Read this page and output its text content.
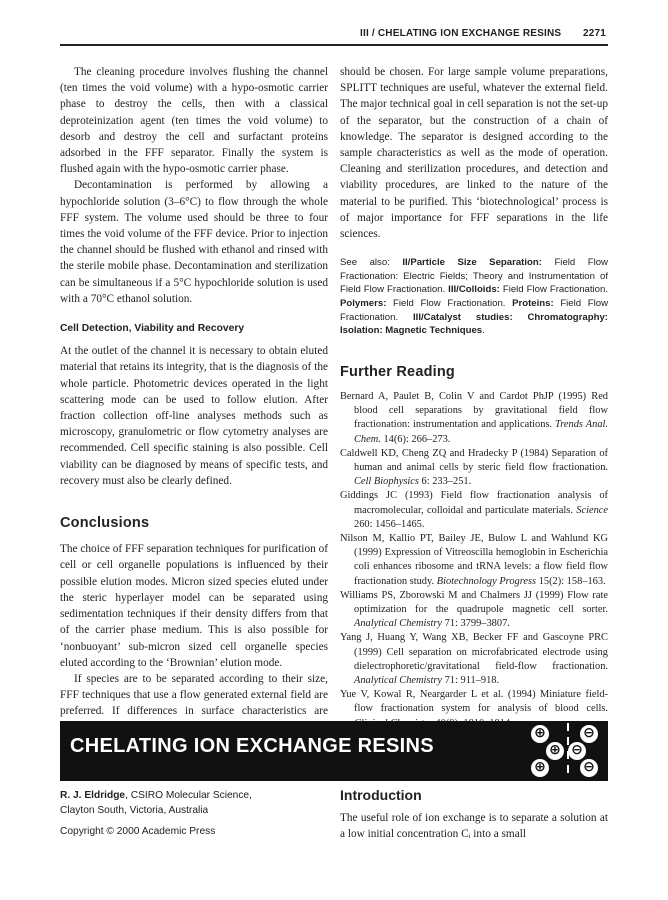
III / CHELATING ION EXCHANGE RESINS 2271

The cleaning procedure involves flushing the channel (ten times the void volume) with a hypo-osmotic carrier phase to destroy the cells, then with a classical deproteinization agent (ten times the void volume) to desorb and destroy the cell and surfactant proteins adsorbed in the FFF separator. Finally the system is flushed again with the hypo-osmotic carrier phase.

Decontamination is performed by allowing a hypochloride solution (3–6°C) to flow through the whole FFF system. The volume used should be three to four times the void volume of the FFF device. Prior to injection the channel should be flushed with ethanol and rinsed with the sterile mobile phase. Decontamination and sterilization can be simultaneous if a 5°C hypochloride solution is used with a 70°C ethanol solution.

Cell Detection, Viability and Recovery

At the outlet of the channel it is necessary to obtain eluted material that retains its integrity, that is the diagnosis of the whole particle. Photometric devices operated in the light scattering mode can be used to follow elution. After fraction collection off-line analyses methods such as microscopy, granulometric or flow cytometry analyses are recommended. Cell specific staining is also possible. Cell viability can be diagnosed by means of specific tests, and recovery must also be clearly defined.

Conclusions

The choice of FFF separation techniques for purification of cell or cell organelle populations is influenced by their possible elution modes. Micron sized species eluted under the steric hyperlayer model can be separated using sedimentation techniques if their density differs from that of the carrier phase medium. This is also possible for ‘nonbuoyant’ sub-micron sized cell organelle species eluted according to the ‘Brownian’ elution mode.

If species are to be separated according to their size, FFF techniques that use a flow generated external field are preferred. If differences in surface characteristics are

should be chosen. For large sample volume preparations, SPLITT techniques are useful, whatever the external field. The major technical goal in cell separation is not the set-up of the separator, but the construction of a chain of knowledge. The separator is designed according to the sample characteristics as well as the mode of operation. Cleaning and sterilization procedures, and detection and viability procedures, are linked to the nature of the material to be purified. This ‘biotechnological’ process is of major importance for FFF separations in the life sciences.

See also: II/Particle Size Separation: Field Flow Fractionation: Electric Fields; Theory and Instrumentation of Field Flow Fractionation. III/Colloids: Field Flow Fractionation. Polymers: Field Flow Fractionation. Proteins: Field Flow Fractionation. III/Catalyst studies: Chromatography: Isolation: Magnetic Techniques.
Further Reading

Bernard A, Paulet B, Colin V and Cardot PhJP (1995) Red blood cell separations by gravitational field flow fractionation: instrumentation and applications. Trends Anal. Chem. 14(6): 266–273.

Caldwell KD, Cheng ZQ and Hradecky P (1984) Separation of human and animal cells by steric field flow fractionation. Cell Biophysics 6: 233–251.

Giddings JC (1993) Field flow fractionation analysis of macromolecular, colloidal and particulate materials. Science 260: 1456–1465.

Nilson M, Kallio PT, Bailey JE, Bulow L and Wahlund KG (1999) Expression of Vitreoscilla hemoglobin in Escherichia coli enhances ribosome and tRNA levels: a flow field flow fractionation study. Biotechnology Progress 15(2): 158–163.

Williams PS, Zborowski M and Chalmers JJ (1999) Flow rate optimization for the quadrupole magnetic cell sorter. Analytical Chemistry 71: 3799–3807.

Yang J, Huang Y, Wang XB, Becker FF and Gascoyne PRC (1999) Cell separation on microfabricated electrode using dielectrophoretic/gravitational field-flow fractionation. Analytical Chemistry 71: 911–918.

Yue V, Kowal R, Neargarder L et al. (1994) Miniature field-flow fractionation system for analysis of blood cells.

CHELATING ION EXCHANGE RESINS
⊕	⊖
⊕ ⊖
⊕	⊖
R. J. Eldridge, CSIRO Molecular Science,
Clayton South, Victoria, Australia
Copyright © 2000 Academic Press
Introduction
The useful role of ion exchange is to separate a solution at a low initial concentration Cᵢ into a small
